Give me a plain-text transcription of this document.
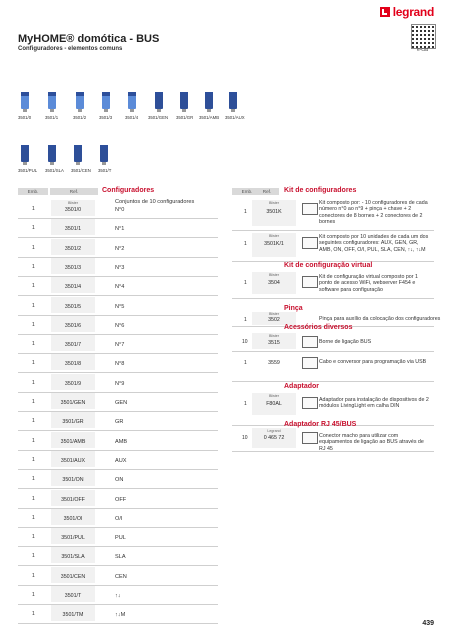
legrand
MyHOME® domótica - BUS
Configuradores - elementos comuns	e-cat
3501/0	3501/1	3501/2	3501/3	3501/4 3501/GEN 3501/GR 3501/AMB 3501/AUX
3501/PUL 3501/SLA 3501/CEN 3501/T
Emb.	Ref.	Configuradores
Blister
1	3501/0	N°0
Conjuntos de 10 configuradores
1	3501/1	N°1
1	3501/2	N°2
1	3501/3	N°3
1	3501/4	N°4
1	3501/5	N°5
1	3501/6	N°6
1	3501/7	N°7
1	3501/8	N°8
1	3501/9	N°9
1	3501/GEN	GEN
1	3501/GR	GR
1	3501/AMB	AMB
1	3501/AUX	AUX
1	3501/ON	ON
1	3501/OFF	OFF
1	3501/OI	O/I
1	3501/PUL	PUL
1	3501/SLA	SLA
1	3501/CEN	CEN
1	3501/T	↑↓
1	3501/TM	↑↓M
Emb.	Ref.	Kit de configuradores
Blister
1	3501K
Kit composto por: - 10 configuradores de cada número n°0 ao n°9 + pinça + chave + 2 conectores de 8 bornes + 2 conectores de 2 bornes
Blister
1	3501K/1
Kit composto por 10 unidades de cada um dos seguintes configuradores: AUX, GEN, GR, AMB, ON, OFF, O/I, PUL, SLA, CEN, ↑↓, ↑↓M
Kit de configuração virtual
Blister
1	3504
Kit de configuração virtual composto por 1 ponto de acesso WiFi, webserver F454 e software para configuração
Pinça
Blister
1	3502	Pinça para auxílio da colocação dos configuradores
Acessórios diversos
Blister
10	3515	Borne de ligação BUS
1	3559	Cabo e conversor para programação via USB
Adaptador
Blister
1	F80AL
Adaptador para instalação de dispositivos de 2 módulos LivingLight em calha DIN
Adaptador RJ 45/BUS
Legrand
10	0 465 72	Conector macho para utilizar com equipamentos de ligação ao BUS através de RJ 45
439
